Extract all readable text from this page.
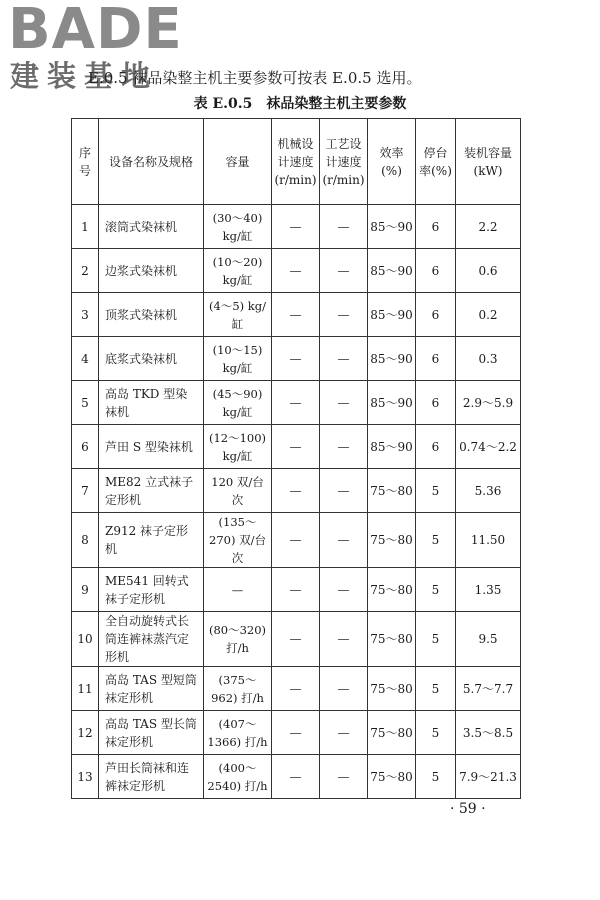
BADE
建装基地
E.0.5 袜品染整主机主要参数可按表 E.0.5 选用。
表 E.0.5 袜品染整主机主要参数
序号	设备名称及规格	容量	机械设计速度(r/min)	工艺设计速度(r/min)	效率(%)	停台率(%)	装机容量(kW)
1	滚筒式染袜机	(30～40) kg/缸	—	—	85～90	6	2.2
2	边浆式染袜机	(10～20) kg/缸	—	—	85～90	6	0.6
3	顶浆式染袜机	(4～5) kg/缸	—	—	85～90	6	0.2
4	底浆式染袜机	(10～15) kg/缸	—	—	85～90	6	0.3
5	高岛 TKD 型染袜机	(45～90) kg/缸	—	—	85～90	6	2.9～5.9
6	芦田 S 型染袜机	(12～100) kg/缸	—	—	85～90	6	0.74～2.2
7	ME82 立式袜子定形机	120 双/台次	—	—	75～80	5	5.36
8	Z912 袜子定形机	(135～270) 双/台次	—	—	75～80	5	11.50
9	ME541 回转式袜子定形机	—	—	—	75～80	5	1.35
10	全自动旋转式长筒连裤袜蒸汽定形机	(80～320) 打/h	—	—	75～80	5	9.5
11	高岛 TAS 型短筒袜定形机	(375～962) 打/h	—	—	75～80	5	5.7～7.7
12	高岛 TAS 型长筒袜定形机	(407～1366) 打/h	—	—	75～80	5	3.5～8.5
13	芦田长筒袜和连裤袜定形机	(400～2540) 打/h	—	—	75～80	5	7.9～21.3
· 59 ·
